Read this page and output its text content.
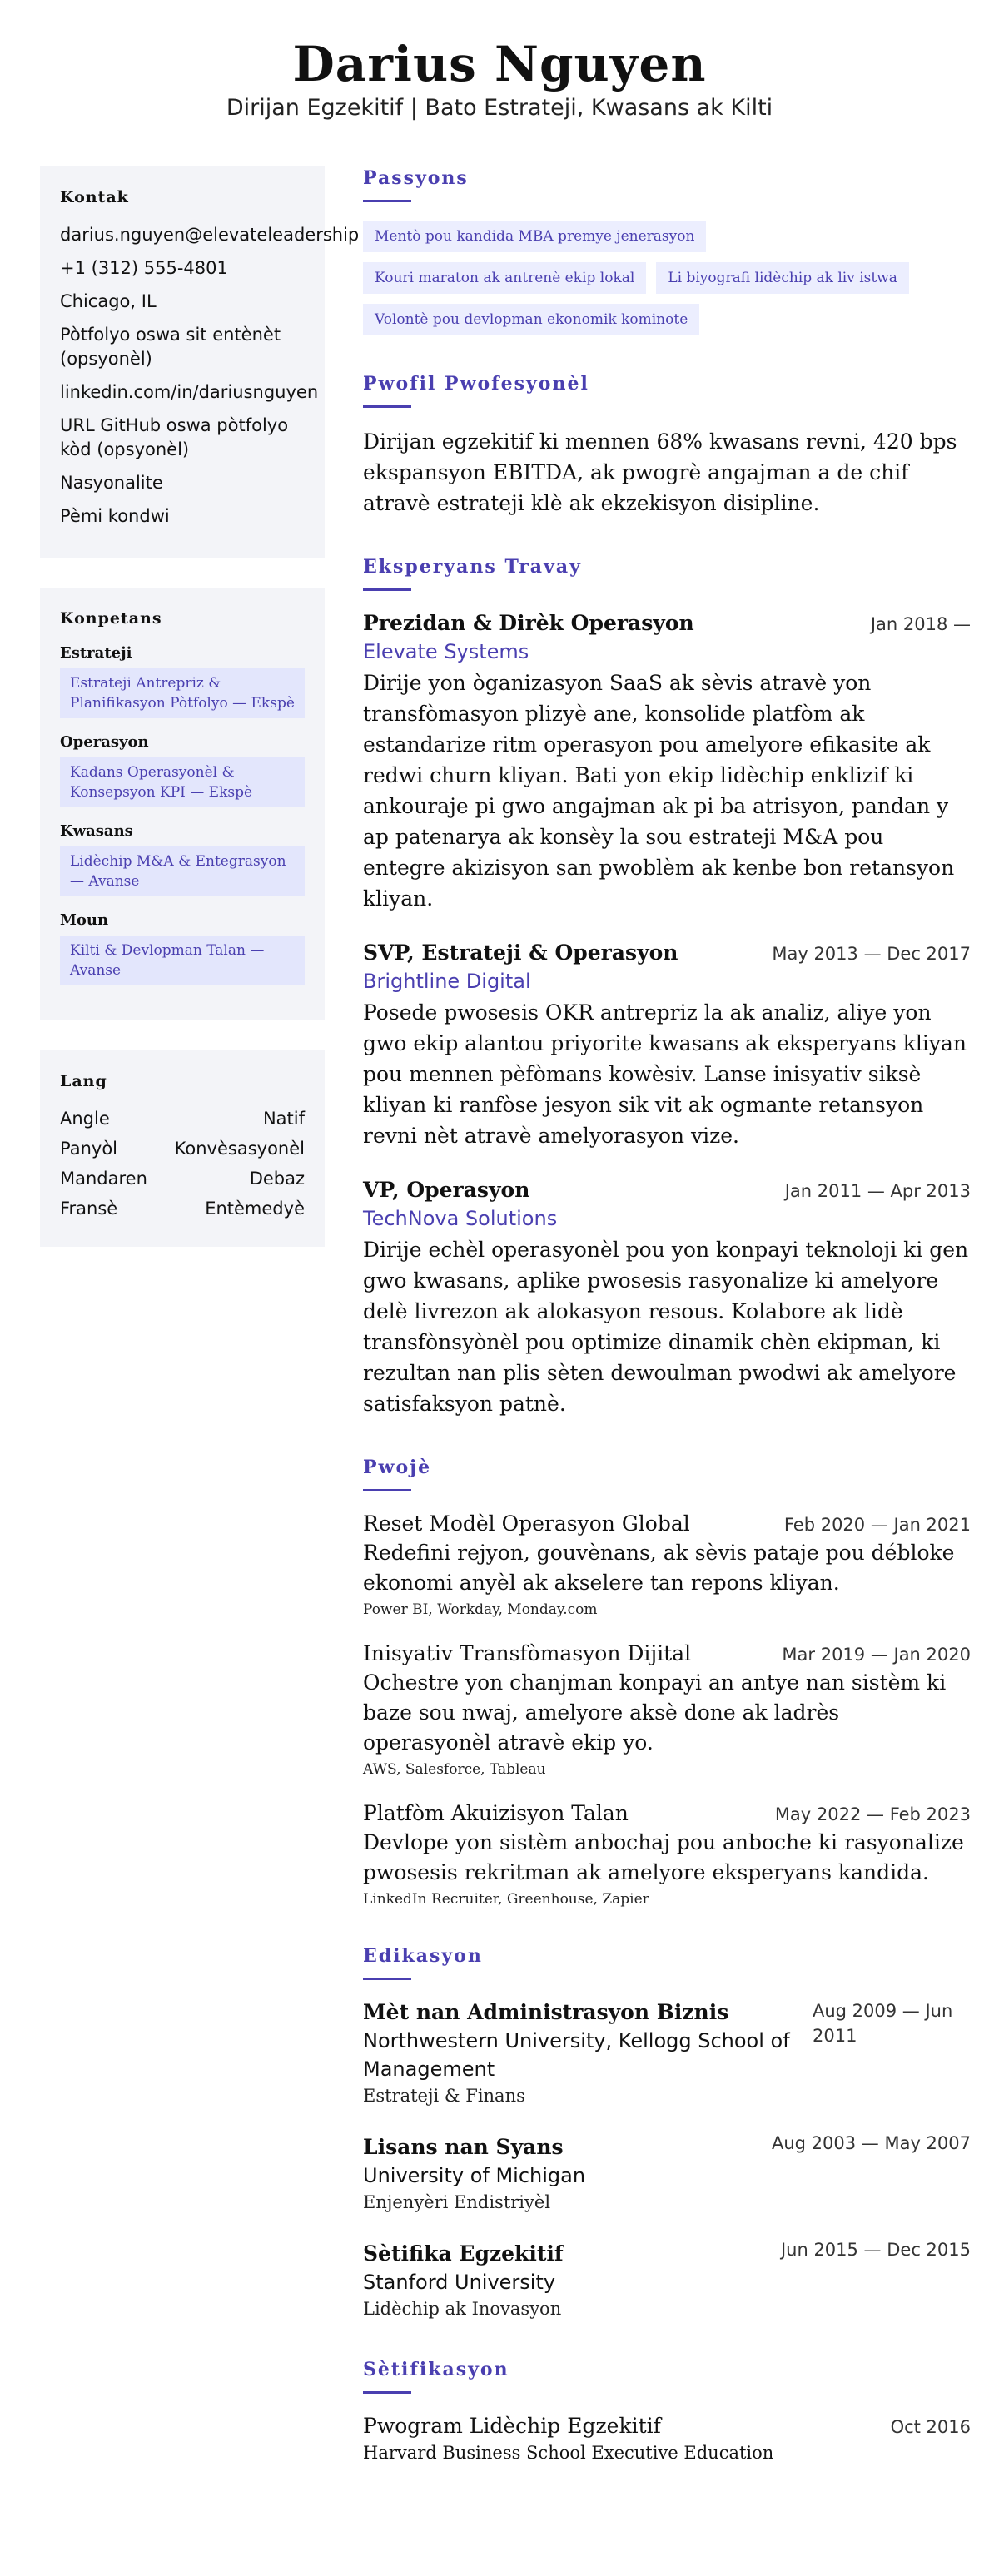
Darius Nguyen
Dirijan Egzekitif | Bato Estrateji, Kwasans ak Kilti
Kontak
darius.nguyen@elevateleadership
+1 (312) 555-4801
Chicago, IL
Pòtfolyo oswa sit entènèt (opsyonèl)
linkedin.com/in/dariusnguyen
URL GitHub oswa pòtfolyo kòd (opsyonèl)
Nasyonalite
Pèmi kondwi
Konpetans
Estrateji
Estrateji Antrepriz & Planifikasyon Pòtfolyo — Ekspè
Operasyon
Kadans Operasyonèl & Konsepsyon KPI — Ekspè
Kwasans
Lidèchip M&A & Entegrasyon — Avanse
Moun
Kilti & Devlopman Talan — Avanse
Lang
Angle	Natif
Panyòl	Konvèsasyonèl
Mandaren	Debaz
Fransè	Entèmedyè
Passyons
Mentò pou kandida MBA premye jenerasyon
Kouri maraton ak antrenè ekip lokal	Li biyografi lidèchip ak liv istwa
Volontè pou devlopman ekonomik kominote
Pwofil Pwofesyonèl
Dirijan egzekitif ki mennen 68% kwasans revni, 420 bps ekspansyon EBITDA, ak pwogrè angajman a de chif atravè estrateji klè ak ekzekisyon disipline.
Eksperyans Travay
Prezidan & Dirèk Operasyon	Jan 2018 —
Elevate Systems
Dirije yon òganizasyon SaaS ak sèvis atravè yon transfòmasyon plizyè ane, konsolide platfòm ak estandarize ritm operasyon pou amelyore efikasite ak redwi churn kliyan. Bati yon ekip lidèchip enklizif ki ankouraje pi gwo angajman ak pi ba atrisyon, pandan y ap patenarya ak konsèy la sou estrateji M&A pou entegre akizisyon san pwoblèm ak kenbe bon retansyon kliyan.
SVP, Estrateji & Operasyon	May 2013 — Dec 2017
Brightline Digital
Posede pwosesis OKR antrepriz la ak analiz, aliye yon gwo ekip alantou priyorite kwasans ak eksperyans kliyan pou mennen pèfòmans kowèsiv. Lanse inisyativ siksè kliyan ki ranfòse jesyon sik vit ak ogmante retansyon revni nèt atravè amelyorasyon vize.
VP, Operasyon	Jan 2011 — Apr 2013
TechNova Solutions
Dirije echèl operasyonèl pou yon konpayi teknoloji ki gen gwo kwasans, aplike pwosesis rasyonalize ki amelyore delè livrezon ak alokasyon resous. Kolabore ak lidè transfònsyònèl pou optimize dinamik chèn ekipman, ki rezultan nan plis sèten dewoulman pwodwi ak amelyore satisfaksyon patnè.
Pwojè
Reset Modèl Operasyon Global	Feb 2020 — Jan 2021
Redefini rejyon, gouvènans, ak sèvis pataje pou débloke ekonomi anyèl ak akselere tan repons kliyan.
Power BI, Workday, Monday.com
Inisyativ Transfòmasyon Dijital	Mar 2019 — Jan 2020
Ochestre yon chanjman konpayi an antye nan sistèm ki baze sou nwaj, amelyore aksè done ak ladrès operasyonèl atravè ekip yo.
AWS, Salesforce, Tableau
Platfòm Akuizisyon Talan	May 2022 — Feb 2023
Devlope yon sistèm anbochaj pou anboche ki rasyonalize pwosesis rekritman ak amelyore eksperyans kandida.
LinkedIn Recruiter, Greenhouse, Zapier
Edikasyon
Mèt nan Administrasyon Biznis
Northwestern University, Kellogg School of Management
Estrateji & Finans
Aug 2009 — Jun 2011
Lisans nan Syans
University of Michigan
Enjenyèri Endistriyèl
Aug 2003 — May 2007
Sètifika Egzekitif
Stanford University
Lidèchip ak Inovasyon
Jun 2015 — Dec 2015
Sètifikasyon
Pwogram Lidèchip Egzekitif	Oct 2016
Harvard Business School Executive Education
